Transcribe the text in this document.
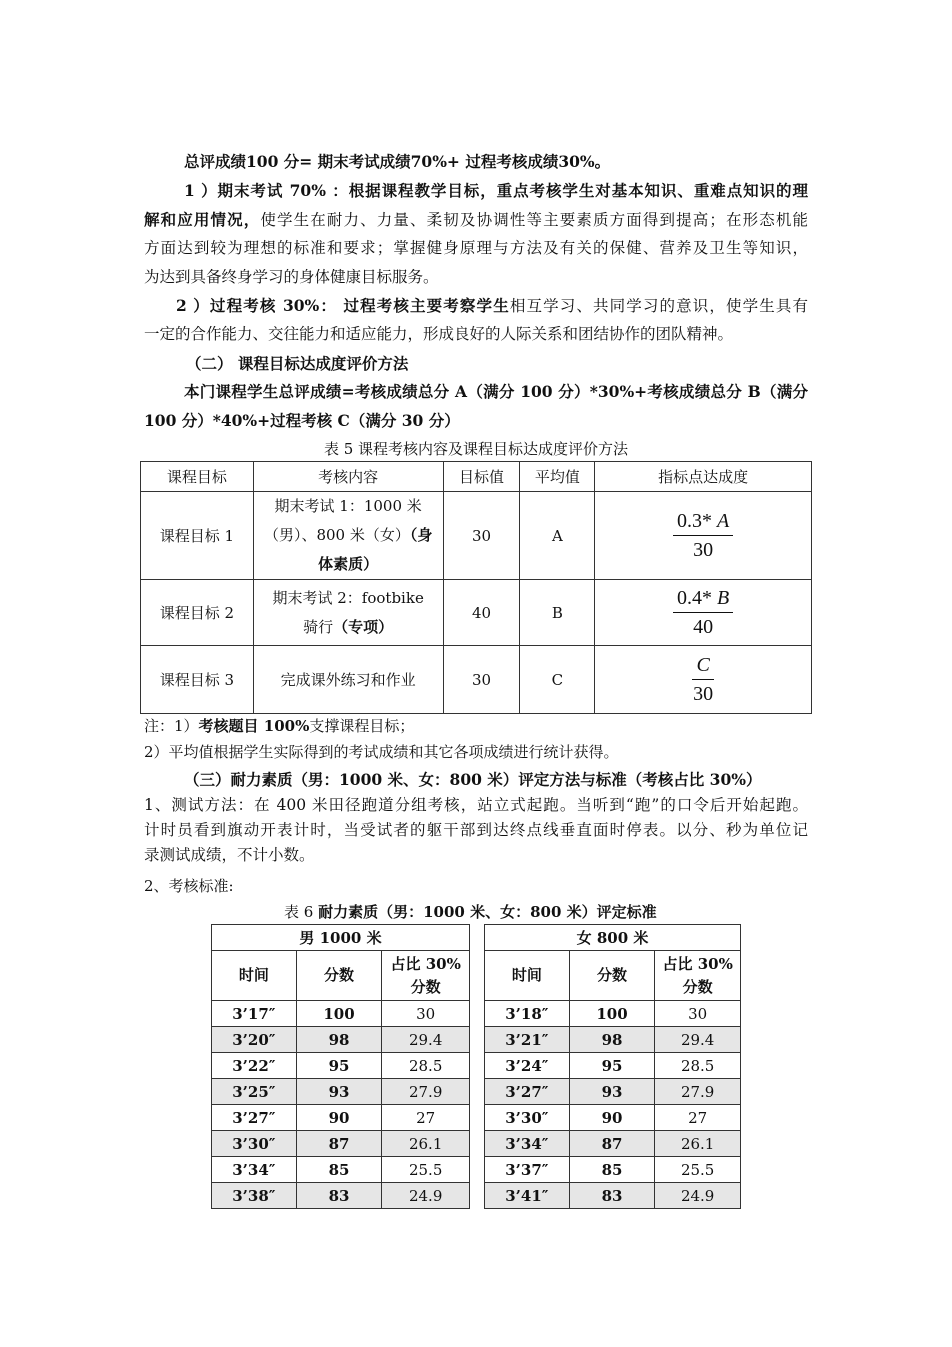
总评成绩100 分= 期末考试成绩70%+ 过程考核成绩30%。
1 ）期末考试 70% ：根据课程教学目标，重点考核学生对基本知识、重难点知识的理
解和应用情况，使学生在耐力、力量、柔韧及协调性等主要素质方面得到提高；在形态机能
方面达到较为理想的标准和要求；掌握健身原理与方法及有关的保健、营养及卫生等知识，
为达到具备终身学习的身体健康目标服务。
2 ）过程考核 30%： 过程考核主要考察学生相互学习、共同学习的意识，使学生具有
一定的合作能力、交往能力和适应能力，形成良好的人际关系和团结协作的团队精神。
（二） 课程目标达成度评价方法
本门课程学生总评成绩=考核成绩总分 A（满分 100 分）*30%+考核成绩总分 B（满分
100 分）*40%+过程考核 C（满分 30 分）
表 5 课程考核内容及课程目标达成度评价方法
课程目标	考核内容	目标值	平均值	指标点达成度
课程目标 1	期末考试 1：1000 米
（男）、800 米（女）（身
体素质）	30	A	$\frac{0.3* A}{30}$

课程目标 2	期末考试 2：footbike
骑行（专项）	40	B	$\frac{0.4* B}{40}$

课程目标 3	完成课外练习和作业	30	C	$\frac{C}{30}$
注：1）考核题目 100%支撑课程目标；
2）平均值根据学生实际得到的考试成绩和其它各项成绩进行统计获得。
（三）耐力素质（男：1000 米、女：800 米）评定方法与标准（考核占比 30%）
1、测试方法：在 400 米田径跑道分组考核，站立式起跑。当听到“跑”的口令后开始起跑。
计时员看到旗动开表计时，当受试者的躯干部到达终点线垂直面时停表。以分、秒为单位记
录测试成绩，不计小数。
2、考核标准:
表 6 耐力素质（男：1000 米、女：800 米）评定标准
男 1000 米		
时间	分数	占比 30%
分数
3’17″	100	30
3’20″	98	29.4
3’22″	95	28.5
3’25″	93	27.9
3’27″	90	27
3’30″	87	26.1
3’34″	85	25.5
3’38″	83	24.9
女 800 米		
时间	分数	占比 30%
分数
3’18″	100	30
3’21″	98	29.4
3’24″	95	28.5
3’27″	93	27.9
3’30″	90	27
3’34″	87	26.1
3’37″	85	25.5
3’41″	83	24.9
